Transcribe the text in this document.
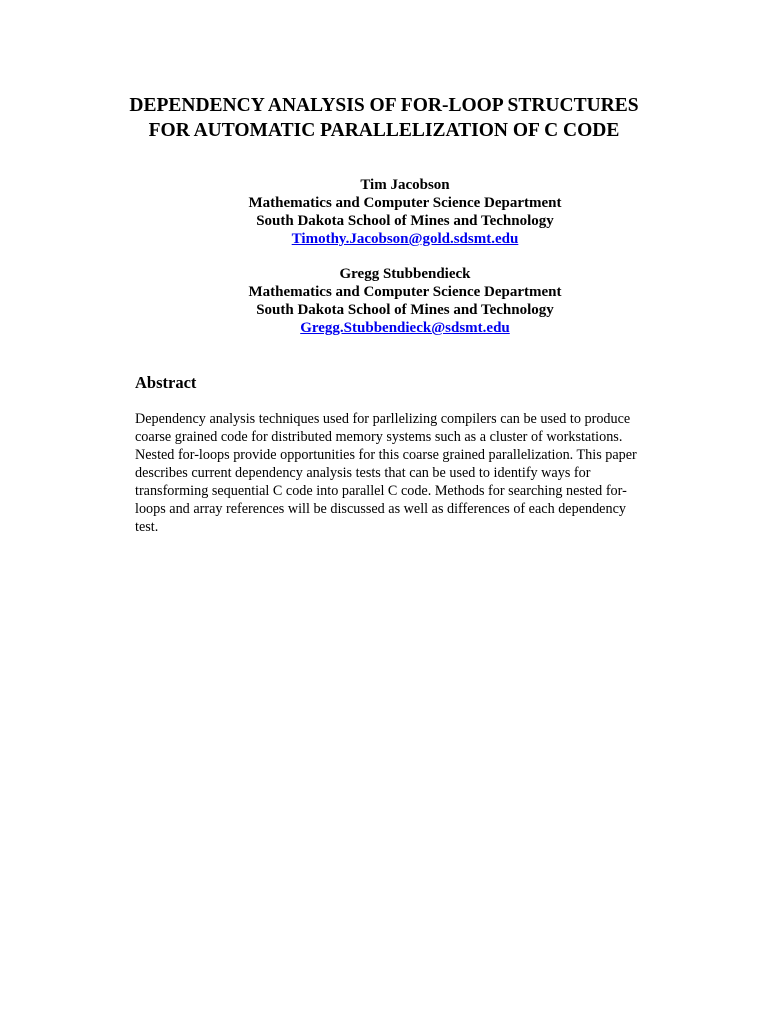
DEPENDENCY ANALYSIS OF FOR-LOOP STRUCTURES
FOR AUTOMATIC PARALLELIZATION OF C CODE
Tim Jacobson
Mathematics and Computer Science Department
South Dakota School of Mines and Technology
Timothy.Jacobson@gold.sdsmt.edu
Gregg Stubbendieck
Mathematics and Computer Science Department
South Dakota School of Mines and Technology
Gregg.Stubbendieck@sdsmt.edu
Abstract
Dependency analysis techniques used for parllelizing compilers can be used to produce
coarse grained code for distributed memory systems such as a cluster of workstations.
Nested for-loops provide opportunities for this coarse grained parallelization. This paper
describes current dependency analysis tests that can be used to identify ways for
transforming sequential C code into parallel C code. Methods for searching nested for-
loops and array references will be discussed as well as differences of each dependency
test.
